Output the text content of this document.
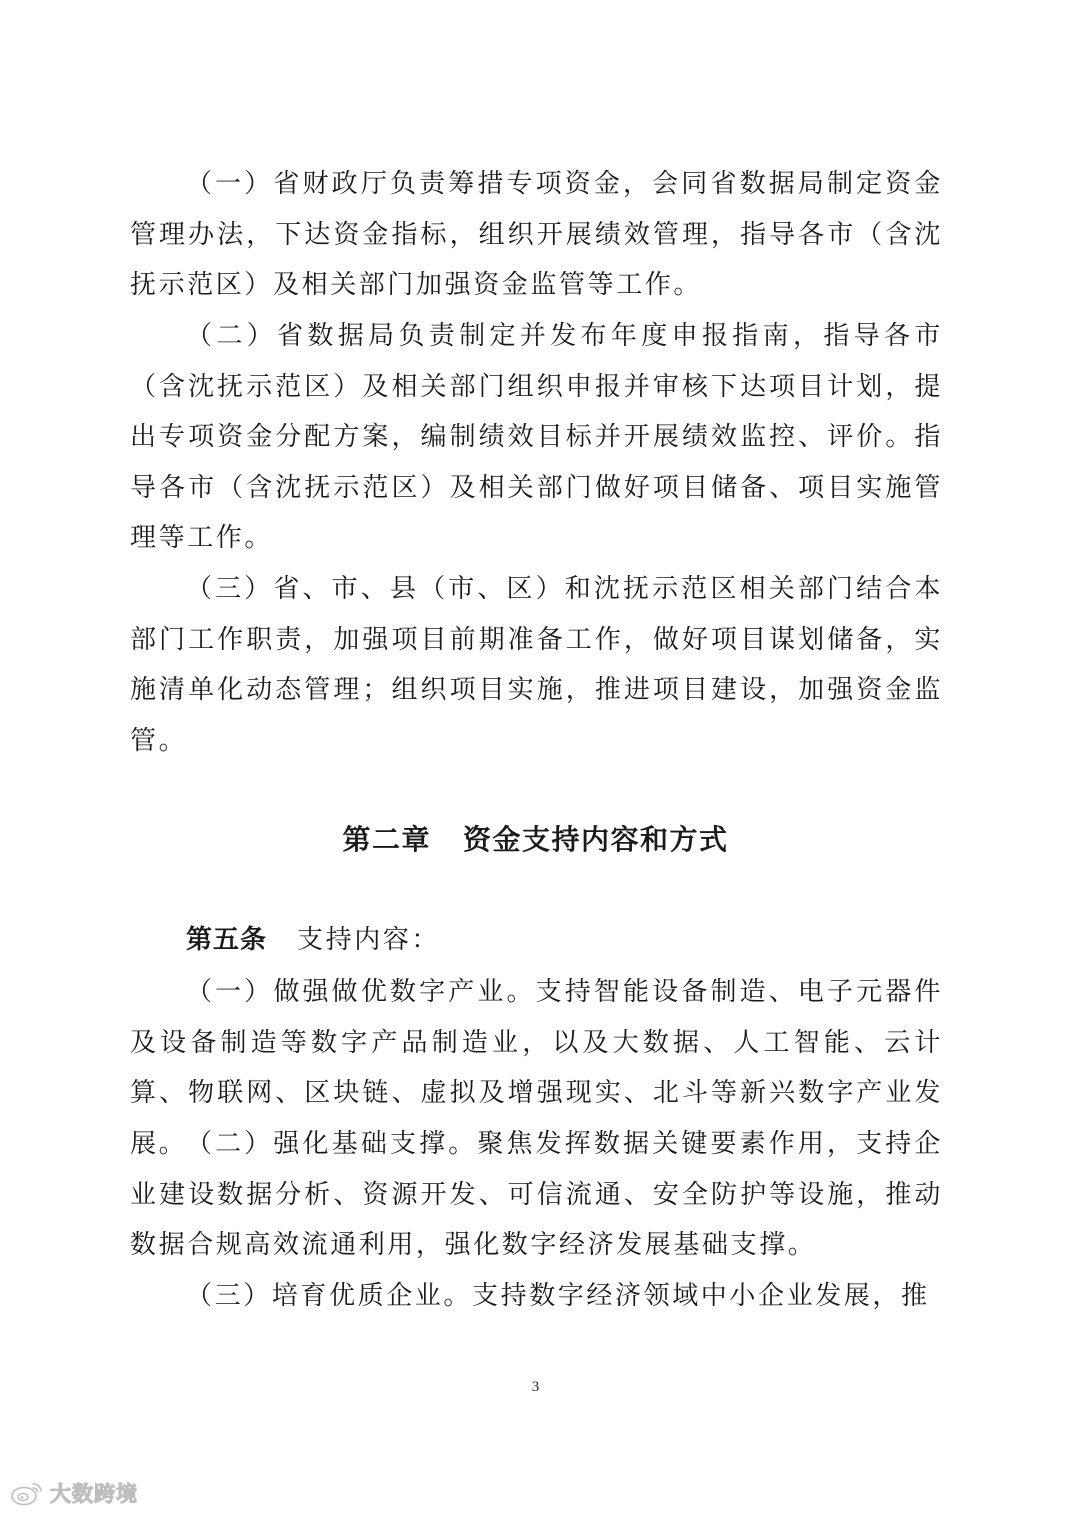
（一）省财政厅负责筹措专项资金，会同省数据局制定资金管理办法，下达资金指标，组织开展绩效管理，指导各市（含沈抚示范区）及相关部门加强资金监管等工作。

（二）省数据局负责制定并发布年度申报指南，指导各市（含沈抚示范区）及相关部门组织申报并审核下达项目计划，提出专项资金分配方案，编制绩效目标并开展绩效监控、评价。指导各市（含沈抚示范区）及相关部门做好项目储备、项目实施管理等工作。

（三）省、市、县（市、区）和沈抚示范区相关部门结合本部门工作职责，加强项目前期准备工作，做好项目谋划储备，实施清单化动态管理；组织项目实施，推进项目建设，加强资金监管。

第二章 资金支持内容和方式

第五条 支持内容：

（一）做强做优数字产业。支持智能设备制造、电子元器件及设备制造等数字产品制造业，以及大数据、人工智能、云计算、物联网、区块链、虚拟及增强现实、北斗等新兴数字产业发展。

（二）强化基础支撑。聚焦发挥数据关键要素作用，支持企业建设数据分析、资源开发、可信流通、安全防护等设施，推动数据合规高效流通利用，强化数字经济发展基础支撑。

（三）培育优质企业。支持数字经济领域中小企业发展，推

3
大数跨境
